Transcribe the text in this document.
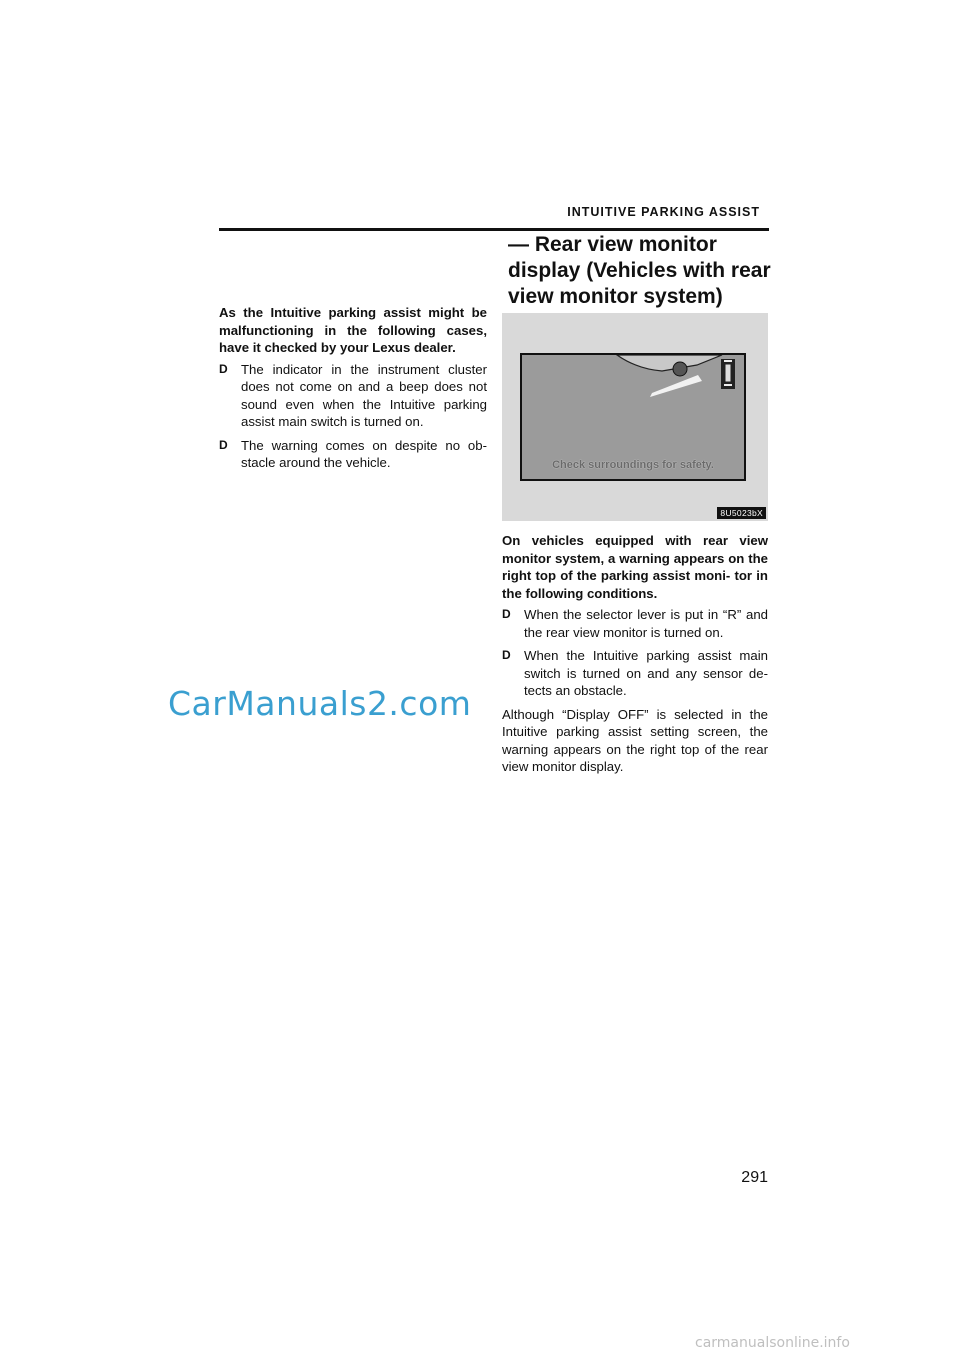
INTUITIVE PARKING ASSIST
— Rear view monitor display (Vehicles with rear view monitor system)
As the Intuitive parking assist might be malfunctioning in the following cases, have it checked by your Lexus dealer.
D	The indicator in the instrument cluster does not come on and a beep does not sound even when the Intuitive parking assist main switch is turned on.
D	The warning comes on despite no ob- stacle around the vehicle.	Check surroundings for safety.
8U5023bX
On vehicles equipped with rear view monitor system, a warning appears on the right top of the parking assist moni- tor in the following conditions.
D	When the selector lever is put in “R” and the rear view monitor is turned on.
D	When the Intuitive parking assist main switch is turned on and any sensor de- tects an obstacle.
Although “Display OFF” is selected in the Intuitive parking assist setting screen, the warning appears on the right top of the rear view monitor display.
CarManuals2.com
291
carmanualsonline.info
